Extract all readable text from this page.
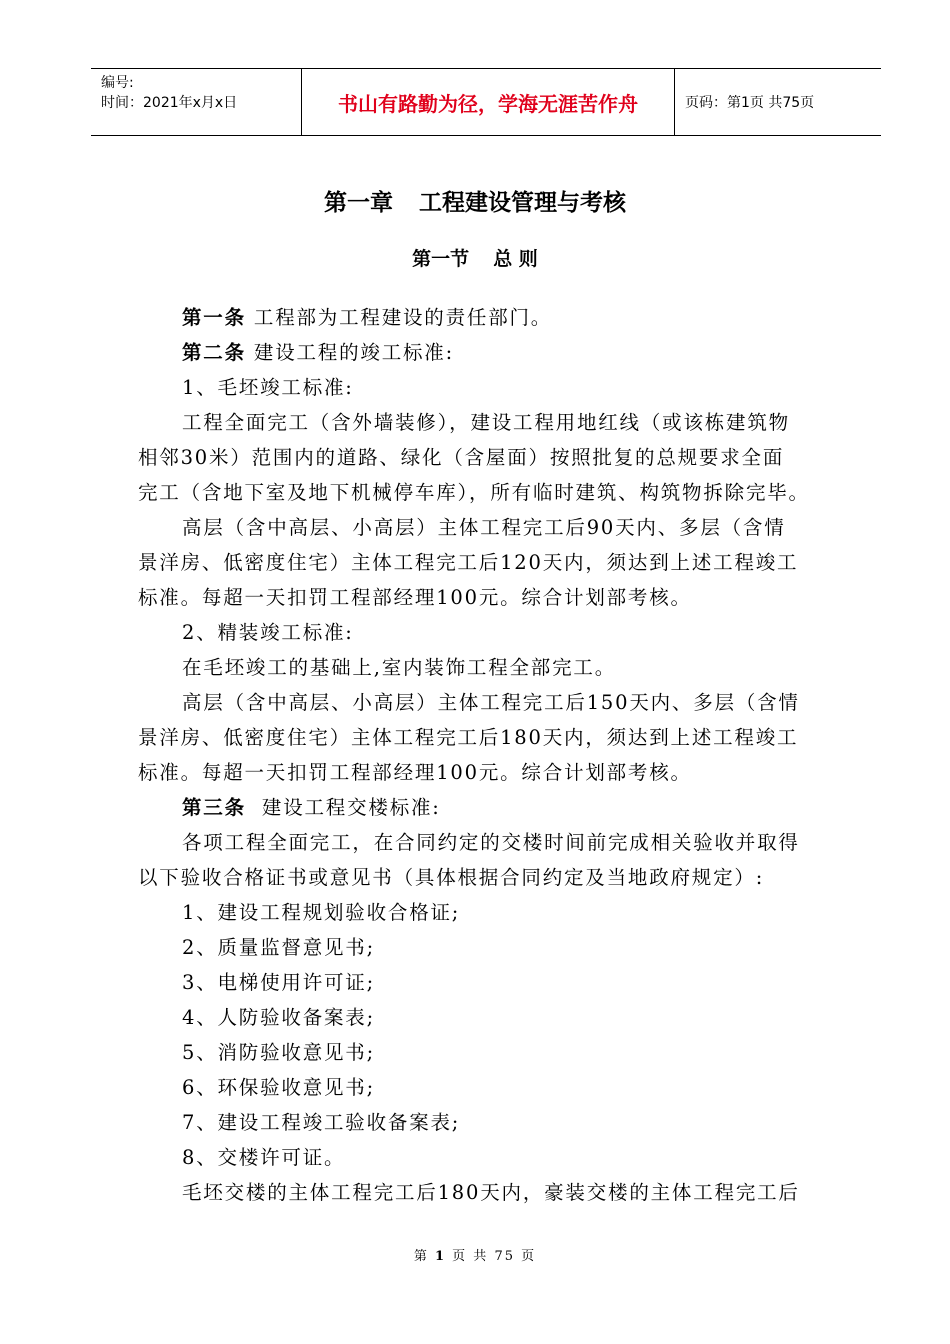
编号:
时间：2021年x月x日	书山有路勤为径，学海无涯苦作舟	页码：第1页 共75页
第一章 工程建设管理与考核
第一节 总 则

第一条 工程部为工程建设的责任部门。

第二条 建设工程的竣工标准:

1、毛坯竣工标准:

工程全面完工（含外墙装修），建设工程用地红线（或该栋建筑物

相邻30米）范围内的道路、绿化（含屋面）按照批复的总规要求全面

完工（含地下室及地下机械停车库），所有临时建筑、构筑物拆除完毕。

高层（含中高层、小高层）主体工程完工后90天内、多层（含情

景洋房、低密度住宅）主体工程完工后120天内，须达到上述工程竣工

标准。每超一天扣罚工程部经理100元。综合计划部考核。

2、精装竣工标准:

在毛坯竣工的基础上,室内装饰工程全部完工。

高层（含中高层、小高层）主体工程完工后150天内、多层（含情

景洋房、低密度住宅）主体工程完工后180天内，须达到上述工程竣工

标准。每超一天扣罚工程部经理100元。综合计划部考核。

第三条 建设工程交楼标准:

各项工程全面完工，在合同约定的交楼时间前完成相关验收并取得

以下验收合格证书或意见书（具体根据合同约定及当地政府规定）:

1、建设工程规划验收合格证;

2、质量监督意见书;

3、电梯使用许可证;

4、人防验收备案表;

5、消防验收意见书;

6、环保验收意见书;

7、建设工程竣工验收备案表;

8、交楼许可证。

毛坯交楼的主体工程完工后180天内，豪装交楼的主体工程完工后

第 1 页 共 75 页
